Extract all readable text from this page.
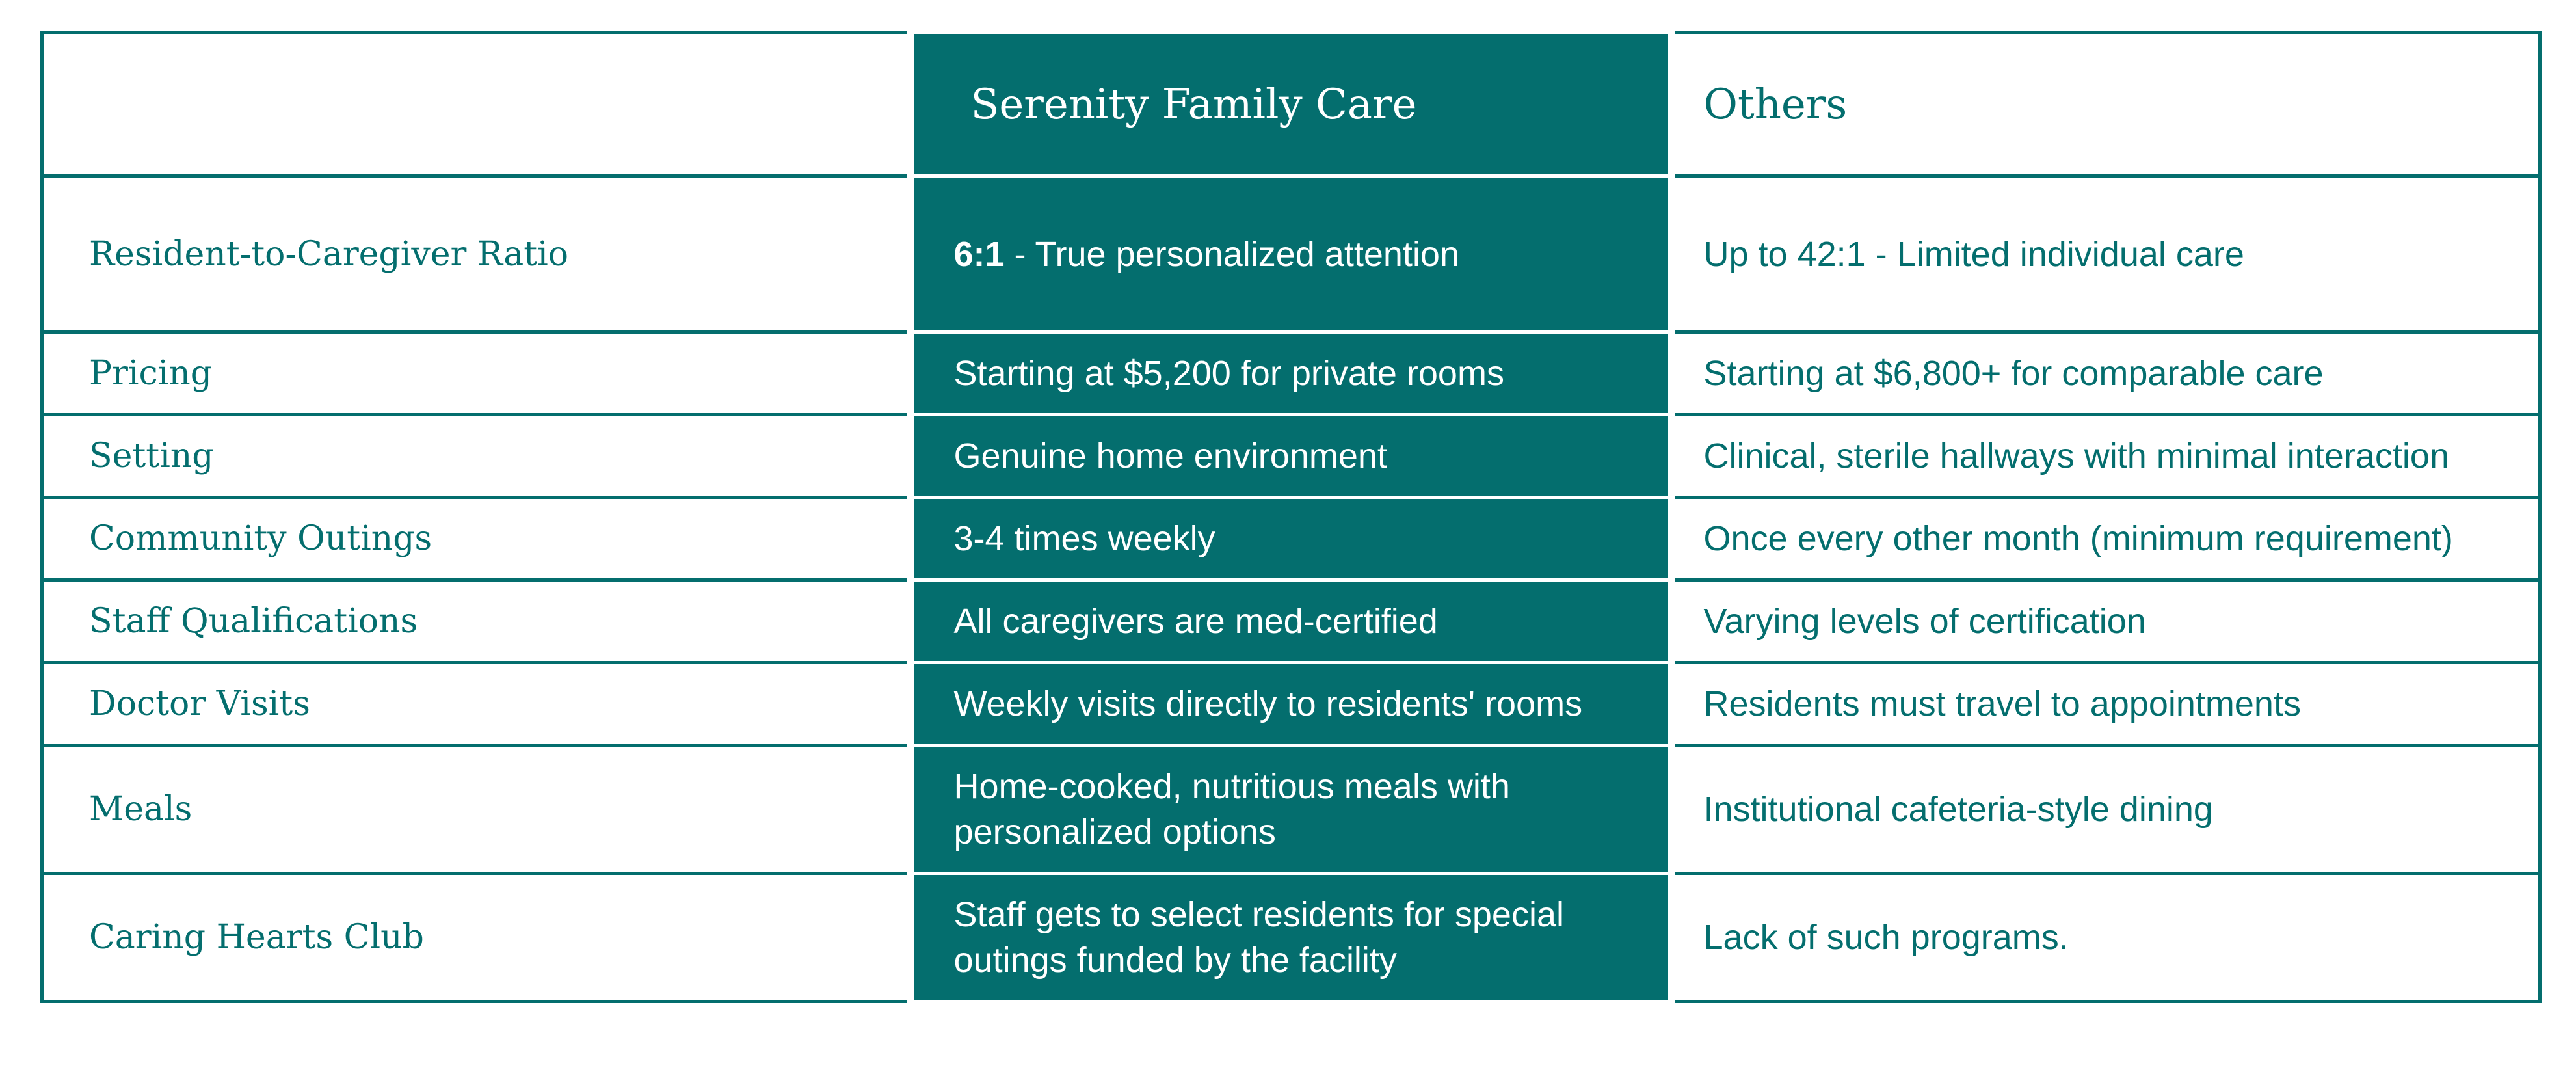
	Serenity Family Care	Others
Resident-to-Caregiver Ratio	6:1 - True personalized attention	Up to 42:1 - Limited individual care
Pricing	Starting at $5,200 for private rooms	Starting at $6,800+ for comparable care
Setting	Genuine home environment	Clinical, sterile hallways with minimal interaction
Community Outings	3-4 times weekly	Once every other month (minimum requirement)
Staff Qualifications	All caregivers are med-certified	Varying levels of certification
Doctor Visits	Weekly visits directly to residents' rooms	Residents must travel to appointments
Meals	Home-cooked, nutritious meals with personalized options	Institutional cafeteria-style dining
Caring Hearts Club	Staff gets to select residents for special outings funded by the facility	Lack of such programs.
